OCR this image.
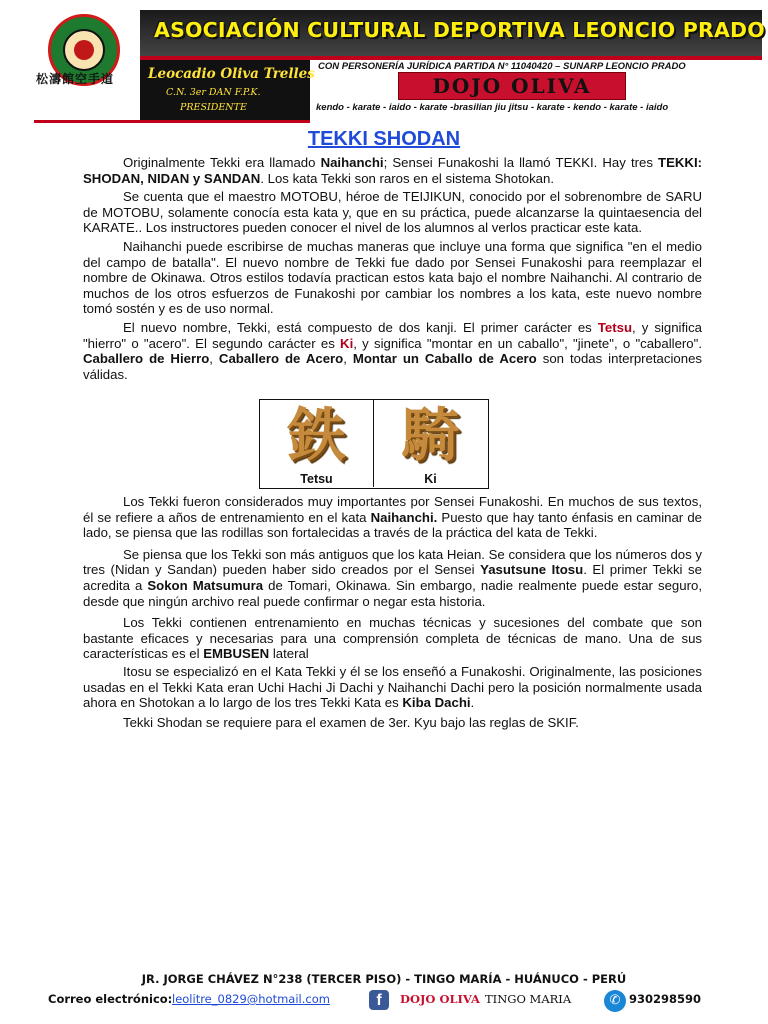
松濤館空手道
ASOCIACIÓN CULTURAL DEPORTIVA LEONCIO PRADO
Leocadio Oliva Trelles
C.N. 3er DAN F.P.K.
PRESIDENTE
CON PERSONERÍA JURÍDICA PARTIDA N° 11040420 – SUNARP LEONCIO PRADO
DOJO OLIVA
kendo - karate - iaido - karate -brasilian jiu jitsu - karate - kendo - karate - iaido
TEKKI SHODAN

Originalmente Tekki era llamado Naihanchi; Sensei Funakoshi la llamó TEKKI. Hay tres TEKKI: SHODAN, NIDAN y SANDAN. Los kata Tekki son raros en el sistema Shotokan.

Se cuenta que el maestro MOTOBU, héroe de TEIJIKUN, conocido por el sobrenombre de SARU de MOTOBU, solamente conocía esta kata y, que en su práctica, puede alcanzarse la quintaesencia del KARATE.. Los instructores pueden conocer el nivel de los alumnos al verlos practicar este kata.

Naihanchi puede escribirse de muchas maneras que incluye una forma que significa "en el medio del campo de batalla". El nuevo nombre de Tekki fue dado por Sensei Funakoshi para reemplazar el nombre de Okinawa. Otros estilos todavía practican estos kata bajo el nombre Naihanchi. Al contrario de muchos de los otros esfuerzos de Funakoshi por cambiar los nombres a los kata, este nuevo nombre tomó sostén y es de uso normal.

El nuevo nombre, Tekki, está compuesto de dos kanji. El primer carácter es Tetsu, y significa "hierro" o "acero". El segundo carácter es Ki, y significa "montar en un caballo", "jinete", o "caballero". Caballero de Hierro, Caballero de Acero, Montar un Caballo de Acero son todas interpretaciones válidas.

鉄
Tetsu
騎
Ki

Los Tekki fueron considerados muy importantes por Sensei Funakoshi. En muchos de sus textos, él se refiere a años de entrenamiento en el kata Naihanchi. Puesto que hay tanto énfasis en caminar de lado, se piensa que las rodillas son fortalecidas a través de la práctica del kata de Tekki.

Se piensa que los Tekki son más antiguos que los kata Heian. Se considera que los números dos y tres (Nidan y Sandan) pueden haber sido creados por el Sensei Yasutsune Itosu. El primer Tekki se acredita a Sokon Matsumura de Tomari, Okinawa. Sin embargo, nadie realmente puede estar seguro, desde que ningún archivo real puede confirmar o negar esta historia.

Los Tekki contienen entrenamiento en muchas técnicas y sucesiones del combate que son bastante eficaces y necesarias para una comprensión completa de técnicas de mano. Una de sus características es el EMBUSEN lateral

Itosu se especializó en el Kata Tekki y él se los enseñó a Funakoshi. Originalmente, las posiciones usadas en el Tekki Kata eran Uchi Hachi Ji Dachi y Naihanchi Dachi pero la posición normalmente usada ahora en Shotokan a lo largo de los tres Tekki Kata es Kiba Dachi.

Tekki Shodan se requiere para el examen de 3er. Kyu bajo las reglas de SKIF.

JR. JORGE CHÁVEZ N°238 (TERCER PISO) - TINGO MARÍA - HUÁNUCO - PERÚ
Correo electrónico: leolitre_0829@hotmail.com	f	DOJO OLIVA TINGO MARIA	✆ 930298590
